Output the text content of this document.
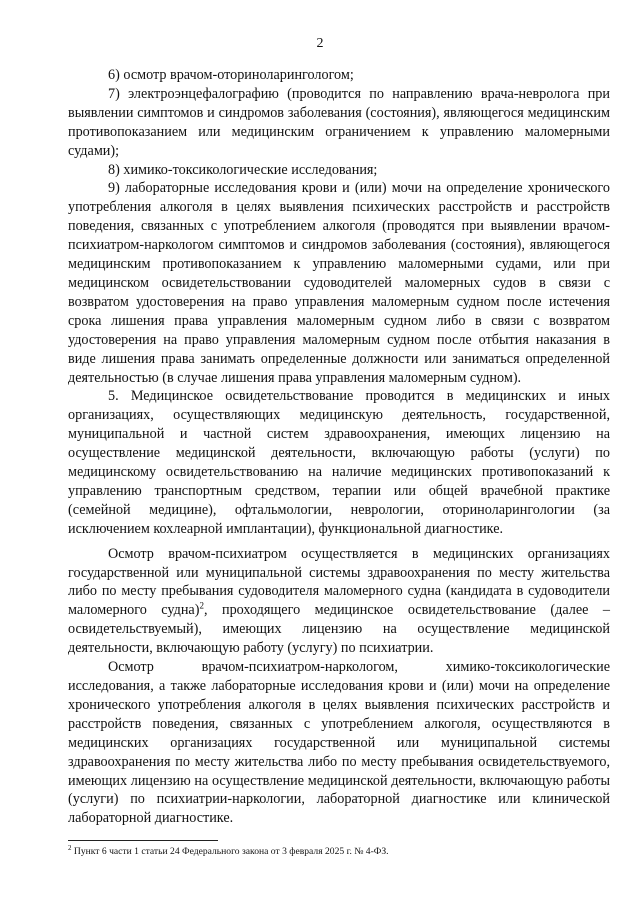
2

6) осмотр врачом-оториноларингологом;

7) электроэнцефалографию (проводится по направлению врача-невролога при выявлении симптомов и синдромов заболевания (состояния), являющегося медицинским противопоказанием или медицинским ограничением к управлению маломерными судами);

8) химико-токсикологические исследования;

9) лабораторные исследования крови и (или) мочи на определение хронического употребления алкоголя в целях выявления психических расстройств и расстройств поведения, связанных с употреблением алкоголя (проводятся при выявлении врачом-психиатром-наркологом симптомов и синдромов заболевания (состояния), являющегося медицинским противопоказанием к управлению маломерными судами, или при медицинском освидетельствовании судоводителей маломерных судов в связи с возвратом удостоверения на право управления маломерным судном после истечения срока лишения права управления маломерным судном либо в связи с возвратом удостоверения на право управления маломерным судном после отбытия наказания в виде лишения права занимать определенные должности или заниматься определенной деятельностью (в случае лишения права управления маломерным судном).

5. Медицинское освидетельствование проводится в медицинских и иных организациях, осуществляющих медицинскую деятельность, государственной, муниципальной и частной систем здравоохранения, имеющих лицензию на осуществление медицинской деятельности, включающую работы (услуги) по медицинскому освидетельствованию на наличие медицинских противопоказаний к управлению транспортным средством, терапии или общей врачебной практике (семейной медицине), офтальмологии, неврологии, оториноларингологии (за исключением кохлеарной имплантации), функциональной диагностике.

Осмотр врачом-психиатром осуществляется в медицинских организациях государственной или муниципальной системы здравоохранения по месту жительства либо по месту пребывания судоводителя маломерного судна (кандидата в судоводители маломерного судна)$^2$, проходящего медицинское освидетельствование (далее – освидетельствуемый), имеющих лицензию на осуществление медицинской деятельности, включающую работу (услугу) по психиатрии.

Осмотр врачом-психиатром-наркологом, химико-токсикологические исследования, а также лабораторные исследования крови и (или) мочи на определение хронического употребления алкоголя в целях выявления психических расстройств и расстройств поведения, связанных с употреблением алкоголя, осуществляются в медицинских организациях государственной или муниципальной системы здравоохранения по месту жительства либо по месту пребывания освидетельствуемого, имеющих лицензию на осуществление медицинской деятельности, включающую работы (услуги) по психиатрии-наркологии, лабораторной диагностике или клинической лабораторной диагностике.

$^2$ Пункт 6 части 1 статьи 24 Федерального закона от 3 февраля 2025 г. № 4-ФЗ.
